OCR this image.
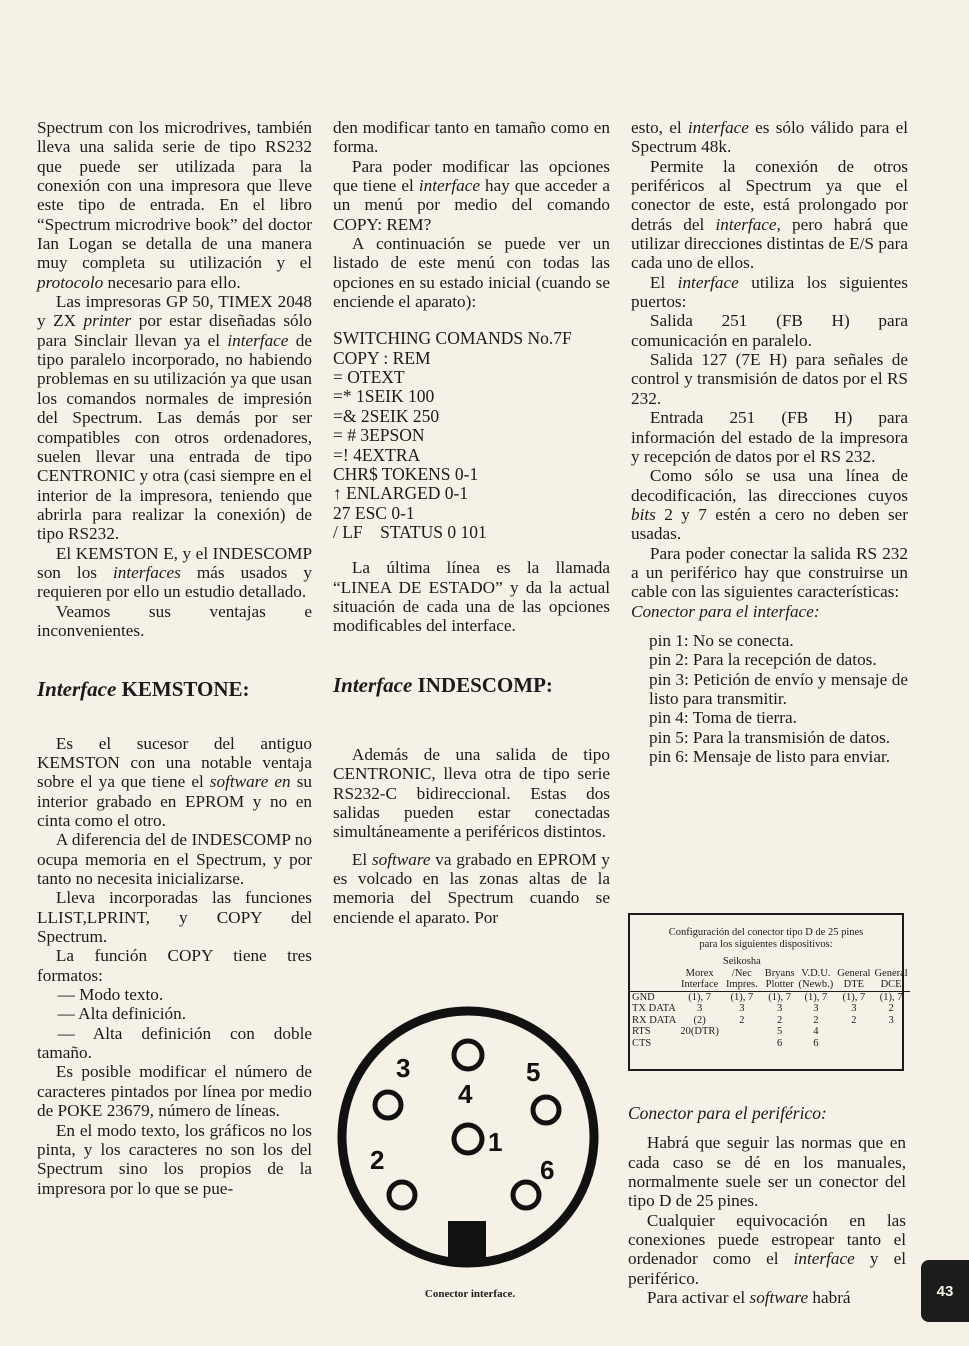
Spectrum con los microdrives, también lleva una salida serie de tipo RS232 que puede ser utilizada para la conexión con una impresora que lleve este tipo de entrada. En el libro “Spectrum microdrive book” del doctor Ian Logan se detalla de una manera muy completa su utilización y el protocolo necesario para ello.

Las impresoras GP 50, TIMEX 2048 y ZX printer por estar diseñadas sólo para Sinclair llevan ya el interface de tipo paralelo incorporado, no habiendo problemas en su utilización ya que usan los comandos normales de impresión del Spectrum. Las demás por ser compatibles con otros ordenadores, suelen llevar una entrada de tipo CENTRONIC y otra (casi siempre en el interior de la impresora, teniendo que abrirla para realizar la conexión) de tipo RS232.

El KEMSTON E, y el INDESCOMP son los interfaces más usados y requieren por ello un estudio detallado.

Veamos sus ventajas e inconvenientes.

Interface KEMSTONE:

Es el sucesor del antiguo KEMSTON con una notable ventaja sobre el ya que tiene el software en su interior grabado en EPROM y no en cinta como el otro.

A diferencia del de INDESCOMP no ocupa memoria en el Spectrum, y por tanto no necesita inicializarse.

Lleva incorporadas las funciones LLIST,LPRINT, y COPY del Spectrum.

La función COPY tiene tres formatos:

— Modo texto.

— Alta definición.

— Alta definición con doble tamaño.

Es posible modificar el número de caracteres pintados por línea por medio de POKE 23679, número de líneas.

En el modo texto, los gráficos no los pinta, y los caracteres no son los del Spectrum sino los propios de la impresora por lo que se pue-

den modificar tanto en tamaño como en forma.

Para poder modificar las opciones que tiene el interface hay que acceder a un menú por medio del comando COPY: REM?

A continuación se puede ver un listado de este menú con todas las opciones en su estado inicial (cuando se enciende el aparato):

SWITCHING COMANDS No.7F

COPY : REM

= OTEXT

=* 1SEIK 100

=& 2SEIK 250

= # 3EPSON

=! 4EXTRA

CHR$ TOKENS 0-1

↑ ENLARGED 0-1

27 ESC 0-1

/ LF    STATUS 0 101

La última línea es la llamada “LINEA DE ESTADO” y da la actual situación de cada una de las opciones modificables del interface.

Interface INDESCOMP:

Además de una salida de tipo CENTRONIC, lleva otra de tipo serie RS232-C bidireccional. Estas dos salidas pueden estar conectadas simultáneamente a periféricos distintos.

El software va grabado en EPROM y es volcado en las zonas altas de la memoria del Spectrum cuando se enciende el aparato. Por

3
4
5
1
2	6
Conector interface.

esto, el interface es sólo válido para el Spectrum 48k.

Permite la conexión de otros periféricos al Spectrum ya que el conector de este, está prolongado por detrás del interface, pero habrá que utilizar direcciones distintas de E/S para cada uno de ellos.

El interface utiliza los siguientes puertos:

Salida 251 (FB H) para comunicación en paralelo.

Salida 127 (7E H) para señales de control y transmisión de datos por el RS 232.

Entrada 251 (FB H) para información del estado de la impresora y recepción de datos por el RS 232.

Como sólo se usa una línea de decodificación, las direcciones cuyos bits 2 y 7 estén a cero no deben ser usadas.

Para poder conectar la salida RS 232 a un periférico hay que construirse un cable con las siguientes características:

Conector para el interface:

pin 1: No se conecta.

pin 2: Para la recepción de datos.

pin 3: Petición de envío y mensaje de listo para transmitir.

pin 4: Toma de tierra.

pin 5: Para la transmisión de datos.

pin 6: Mensaje de listo para enviar.

Configuración del conector tipo D de 25 pines
para los siguientes dispositivos:
		Seikosha				
	Morex	/Nec	Bryans	V.D.U.	General	General
	Interface	Impres.	Plotter	(Newb.)	DTE	DCE
GND	(1), 7	(1), 7	(1), 7	(1), 7	(1), 7	(1), 7
TX DATA	3	3	3	3	3	2
RX DATA	(2)	2	2	2	2	3
RTS	20(DTR)		5	4		
CTS			6	6		

Conector para el periférico:

Habrá que seguir las normas que en cada caso se dé en los manuales, normalmente suele ser un conector del tipo D de 25 pines.

Cualquier equivocación en las conexiones puede estropear tanto el ordenador como el interface y el periférico.

Para activar el software habrá	43
